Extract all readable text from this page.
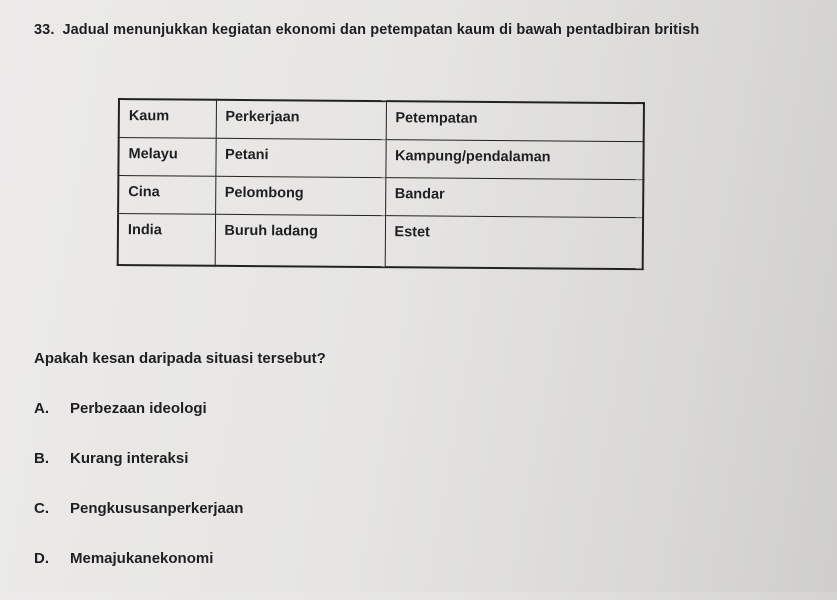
33. Jadual menunjukkan kegiatan ekonomi dan petempatan kaum di bawah pentadbiran british
Kaum	Perkerjaan	Petempatan
Melayu	Petani	Kampung/pendalaman
Cina	Pelombong	Bandar
India	Buruh ladang	Estet
Apakah kesan daripada situasi tersebut?
A.	Perbezaan ideologi
B.	Kurang interaksi
C.	Pengkususanperkerjaan
D.	Memajukanekonomi
